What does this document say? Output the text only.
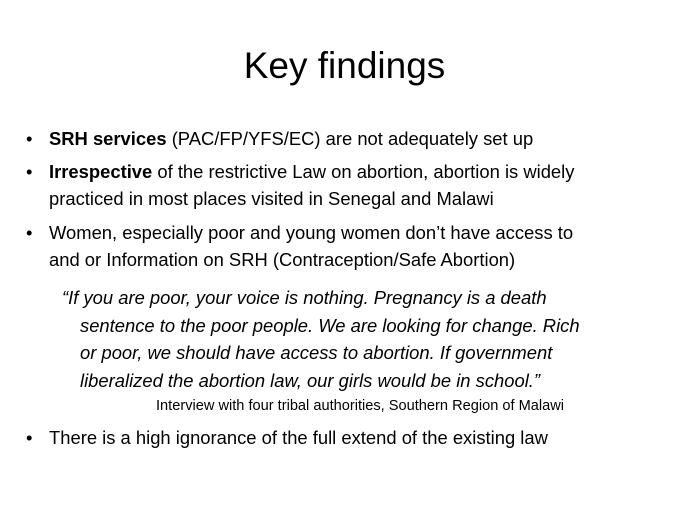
Key findings
• SRH services (PAC/FP/YFS/EC) are not adequately set up
• Irrespective of the restrictive Law on abortion, abortion is widely
practiced in most places visited in Senegal and Malawi
• Women, especially poor and young women don’t have access to
and or Information on SRH (Contraception/Safe Abortion)
“If you are poor, your voice is nothing. Pregnancy is a death
sentence to the poor people. We are looking for change. Rich
or poor, we should have access to abortion. If government
liberalized the abortion law, our girls would be in school.”
Interview with four tribal authorities, Southern Region of Malawi
• There is a high ignorance of the full extend of the existing law
